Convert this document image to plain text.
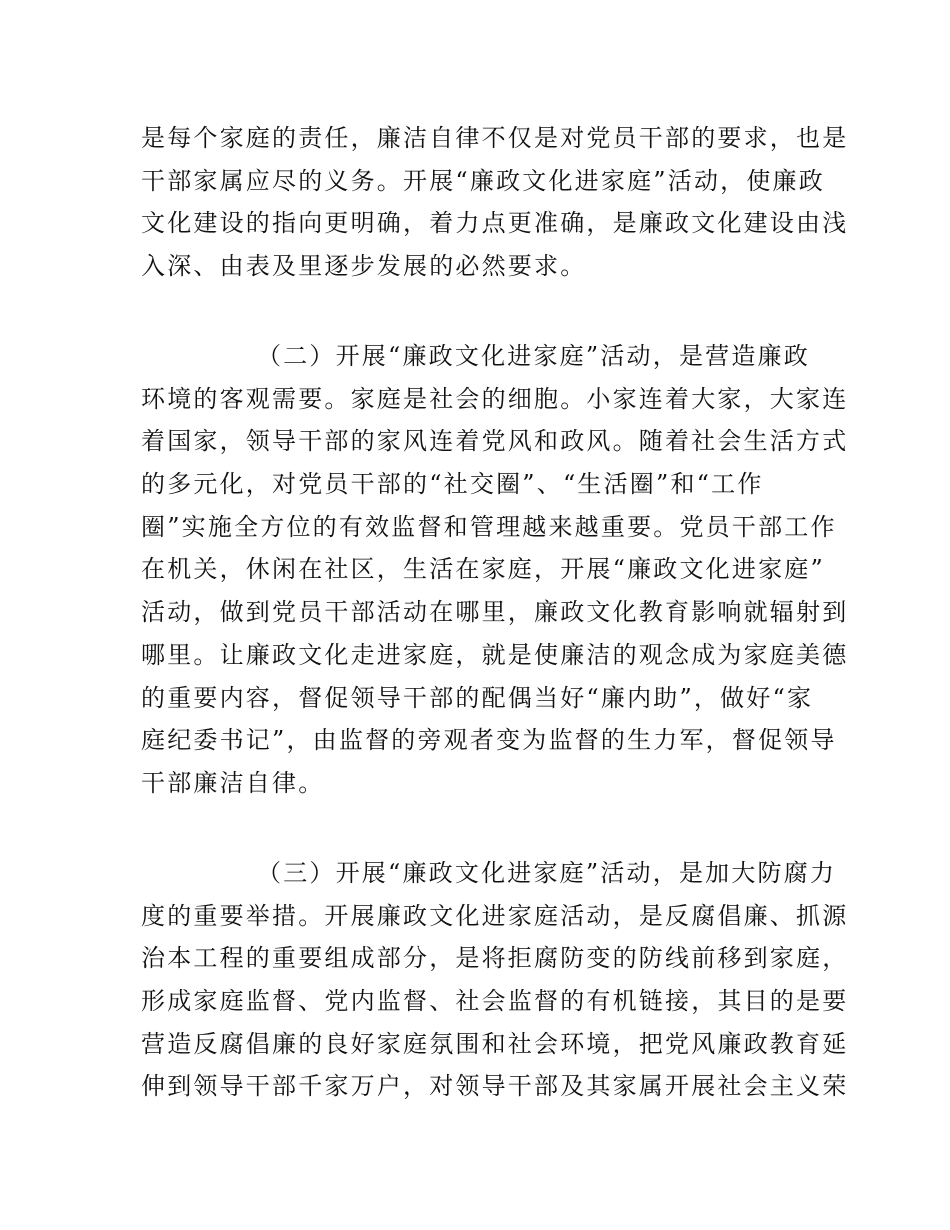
是每个家庭的责任，廉洁自律不仅是对党员干部的要求，也是
干部家属应尽的义务。开展“廉政文化进家庭”活动，使廉政
文化建设的指向更明确，着力点更准确，是廉政文化建设由浅
入深、由表及里逐步发展的必然要求。
（二）开展“廉政文化进家庭”活动，是营造廉政
环境的客观需要。家庭是社会的细胞。小家连着大家，大家连
着国家，领导干部的家风连着党风和政风。随着社会生活方式
的多元化，对党员干部的“社交圈”、“生活圈”和“工作
圈”实施全方位的有效监督和管理越来越重要。党员干部工作
在机关，休闲在社区，生活在家庭，开展“廉政文化进家庭”
活动，做到党员干部活动在哪里，廉政文化教育影响就辐射到
哪里。让廉政文化走进家庭，就是使廉洁的观念成为家庭美德
的重要内容，督促领导干部的配偶当好“廉内助”，做好“家
庭纪委书记”，由监督的旁观者变为监督的生力军，督促领导
干部廉洁自律。
（三）开展“廉政文化进家庭”活动，是加大防腐力
度的重要举措。开展廉政文化进家庭活动，是反腐倡廉、抓源
治本工程的重要组成部分，是将拒腐防变的防线前移到家庭，
形成家庭监督、党内监督、社会监督的有机链接，其目的是要
营造反腐倡廉的良好家庭氛围和社会环境，把党风廉政教育延
伸到领导干部千家万户，对领导干部及其家属开展社会主义荣
